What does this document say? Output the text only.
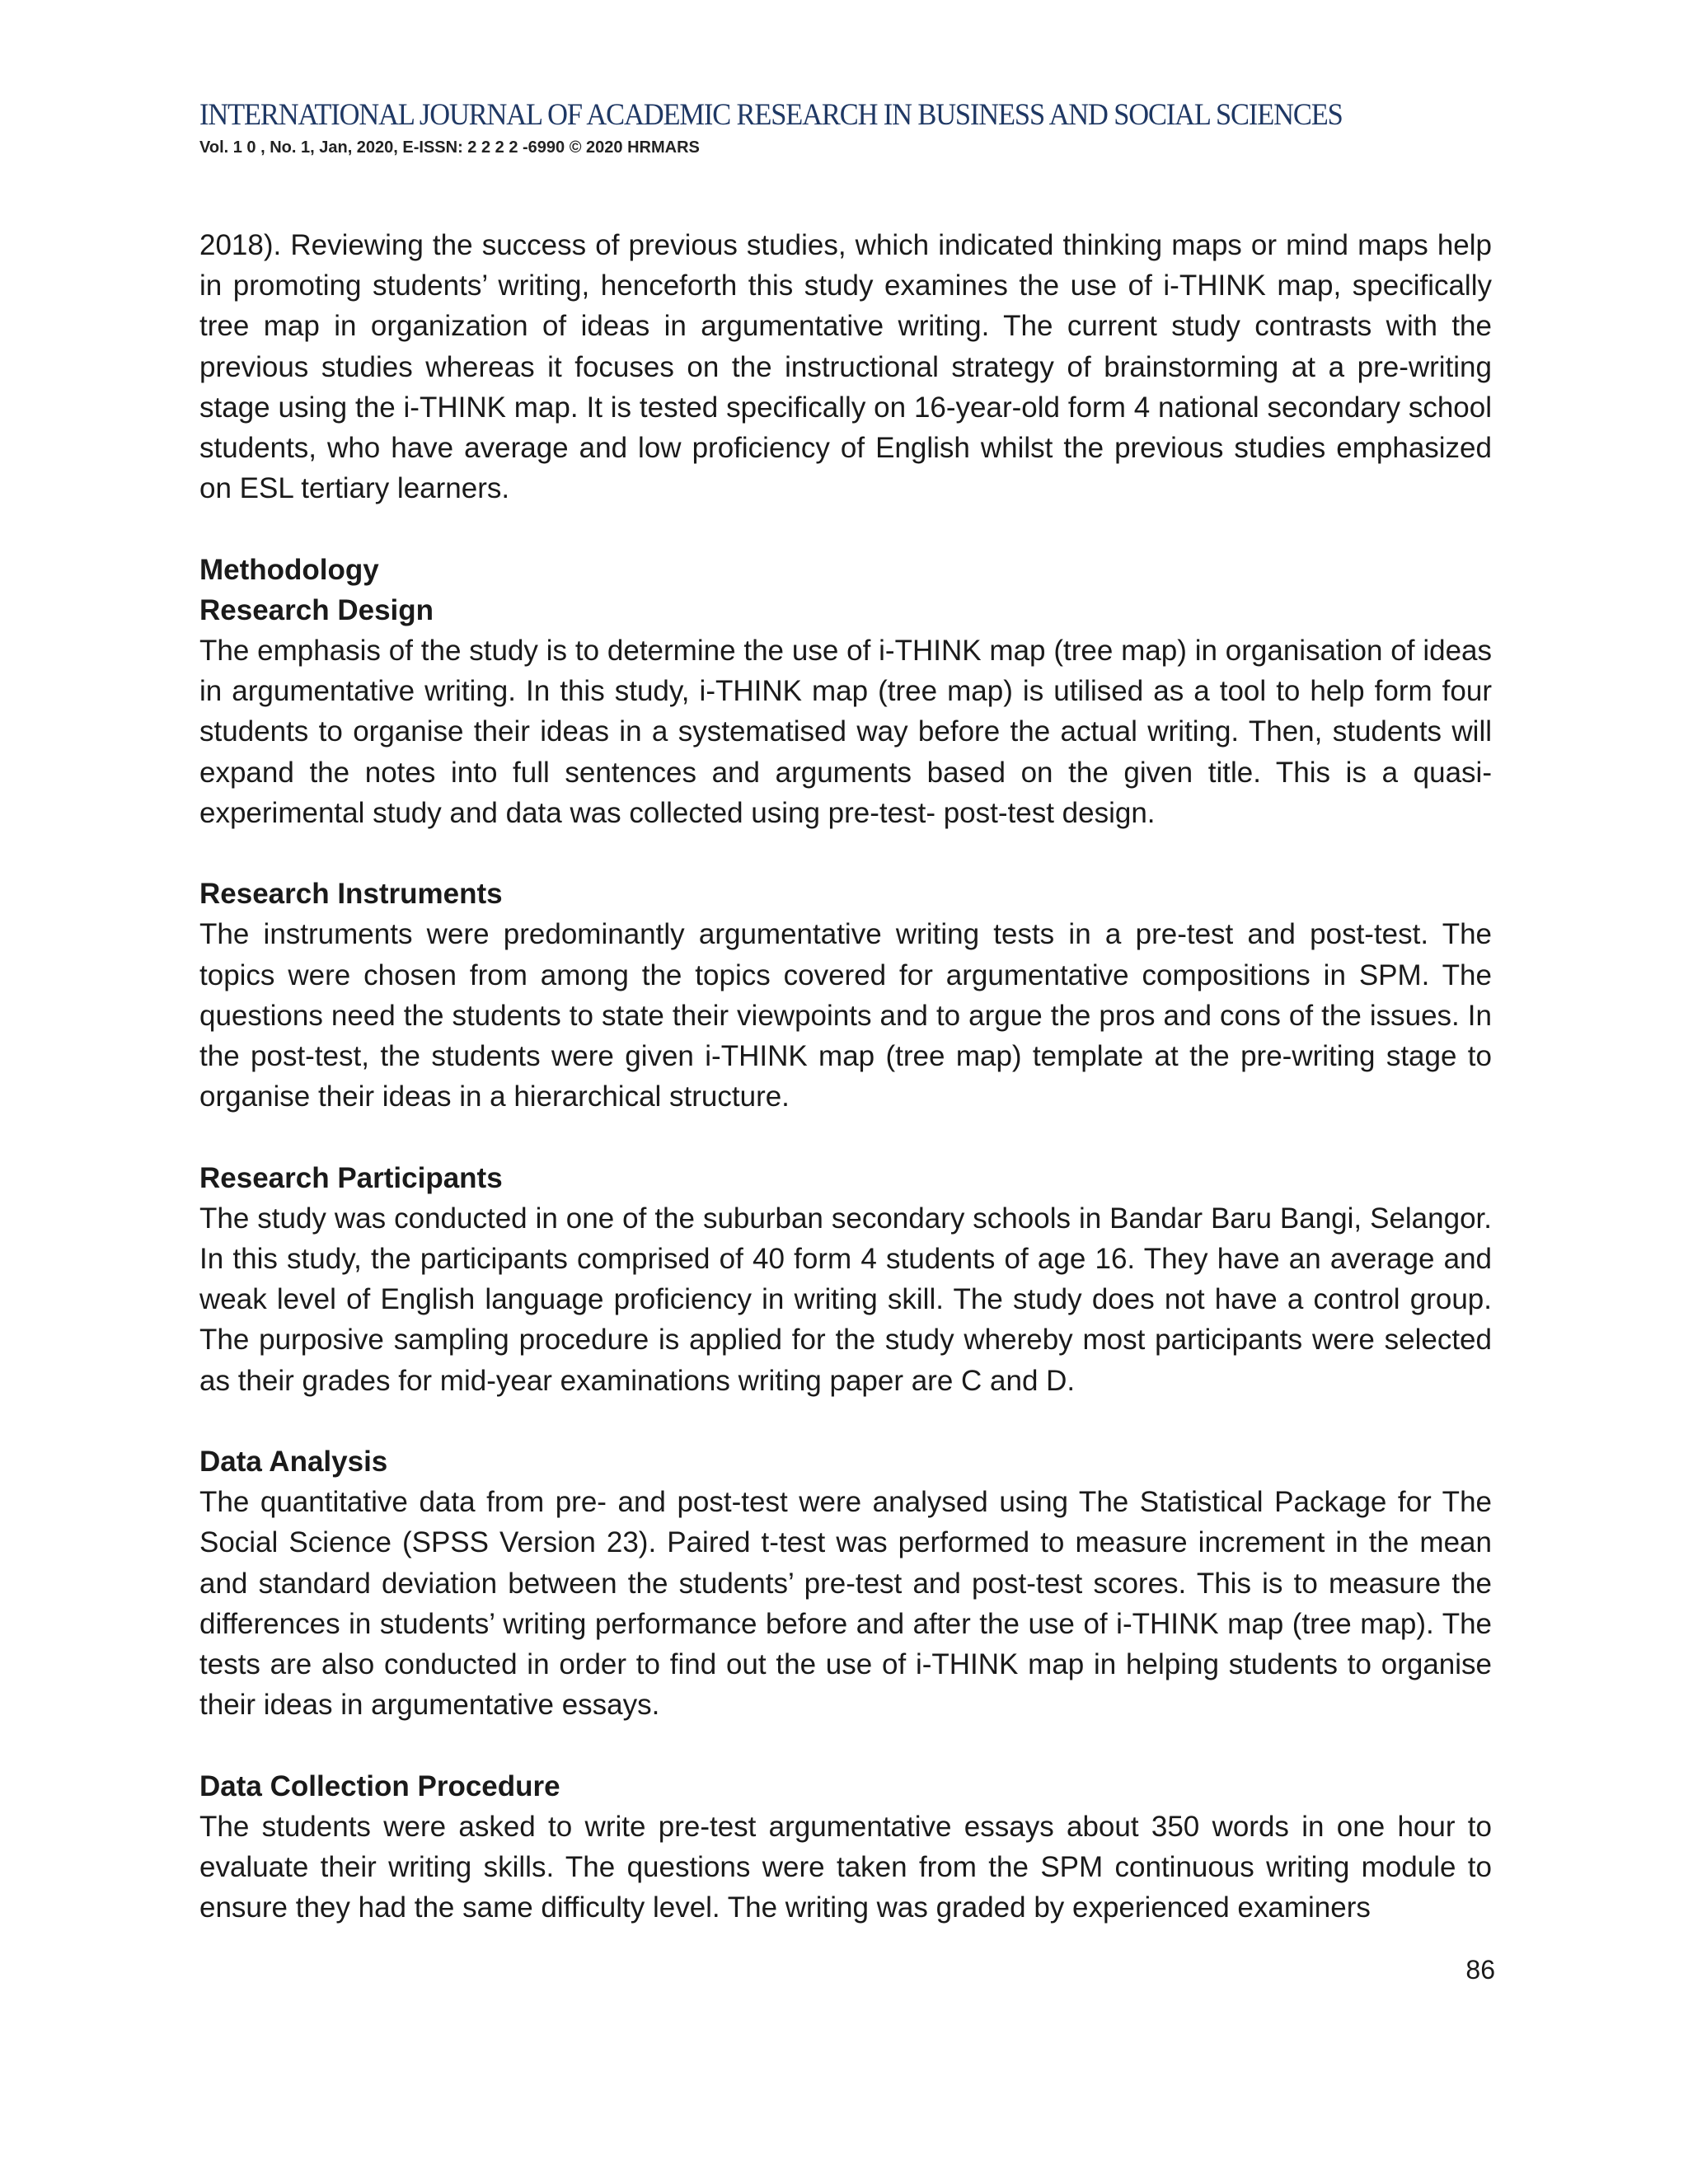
INTERNATIONAL JOURNAL OF ACADEMIC RESEARCH IN BUSINESS AND SOCIAL SCIENCES
Vol. 1 0 , No. 1, Jan, 2020, E-ISSN: 2 2 2 2 -6990 © 2020 HRMARS

2018). Reviewing the success of previous studies, which indicated thinking maps or mind maps help in promoting students’ writing, henceforth this study examines the use of i-THINK map, specifically tree map in organization of ideas in argumentative writing. The current study contrasts with the previous studies whereas it focuses on the instructional strategy of brainstorming at a pre-writing stage using the i-THINK map. It is tested specifically on 16-year-old form 4 national secondary school students, who have average and low proficiency of English whilst the previous studies emphasized on ESL tertiary learners.

Methodology
Research Design

The emphasis of the study is to determine the use of i-THINK map (tree map) in organisation of ideas in argumentative writing. In this study, i-THINK map (tree map) is utilised as a tool to help form four students to organise their ideas in a systematised way before the actual writing. Then, students will expand the notes into full sentences and arguments based on the given title. This is a quasi-experimental study and data was collected using pre-test- post-test design.

Research Instruments

The instruments were predominantly argumentative writing tests in a pre-test and post-test. The topics were chosen from among the topics covered for argumentative compositions in SPM. The questions need the students to state their viewpoints and to argue the pros and cons of the issues. In the post-test, the students were given i-THINK map (tree map) template at the pre-writing stage to organise their ideas in a hierarchical structure.

Research Participants

The study was conducted in one of the suburban secondary schools in Bandar Baru Bangi, Selangor. In this study, the participants comprised of 40 form 4 students of age 16. They have an average and weak level of English language proficiency in writing skill. The study does not have a control group. The purposive sampling procedure is applied for the study whereby most participants were selected as their grades for mid-year examinations writing paper are C and D.

Data Analysis

The quantitative data from pre- and post-test were analysed using The Statistical Package for The Social Science (SPSS Version 23). Paired t-test was performed to measure increment in the mean and standard deviation between the students’ pre-test and post-test scores. This is to measure the differences in students’ writing performance before and after the use of i-THINK map (tree map). The tests are also conducted in order to find out the use of i-THINK map in helping students to organise their ideas in argumentative essays.

Data Collection Procedure

The students were asked to write pre-test argumentative essays about 350 words in one hour to evaluate their writing skills. The questions were taken from the SPM continuous writing module to ensure they had the same difficulty level. The writing was graded by experienced examiners

86
